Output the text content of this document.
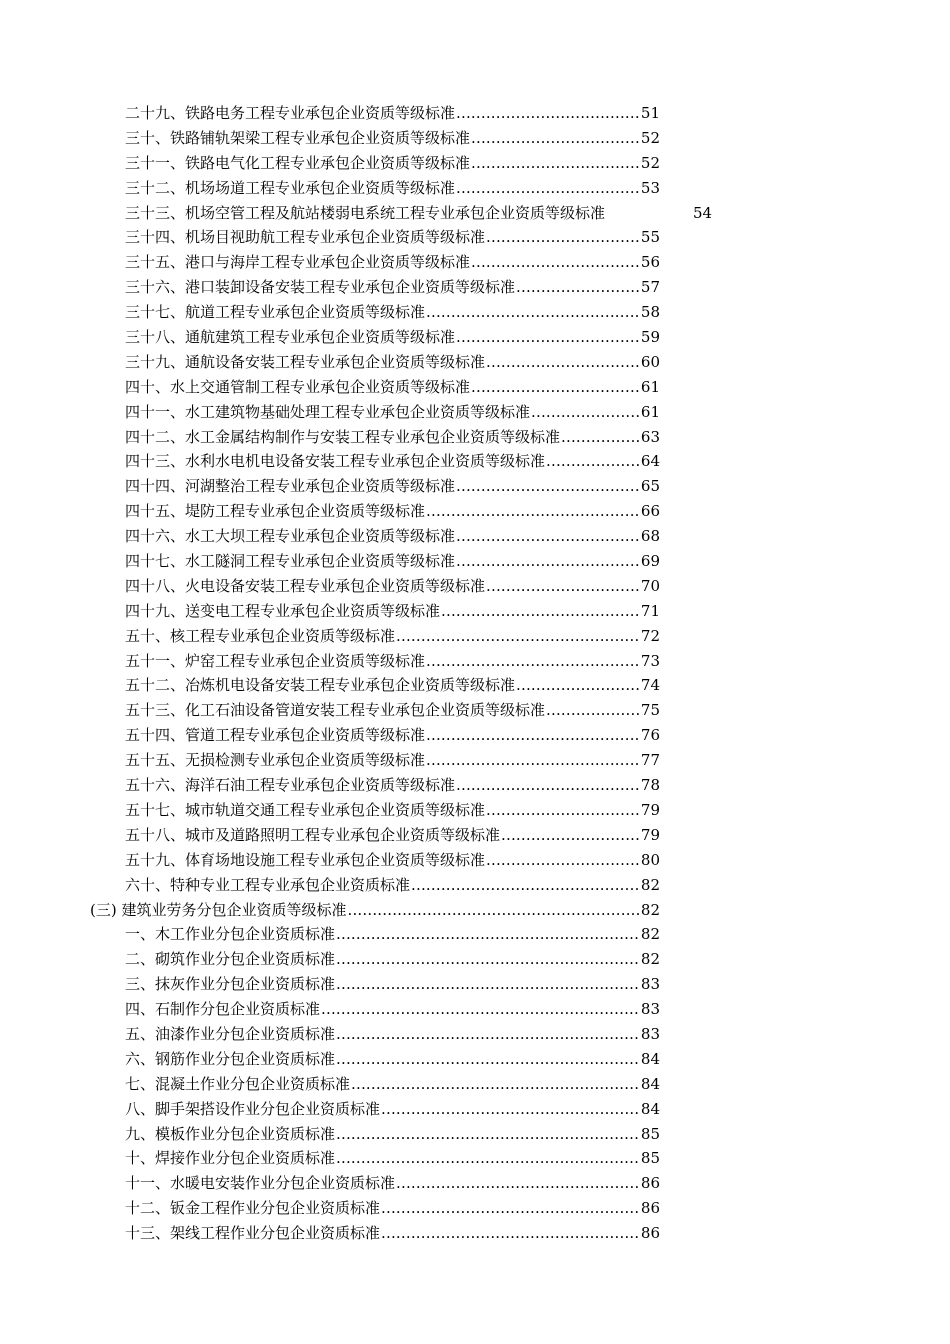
二十九、铁路电务工程专业承包企业资质等级标准 .....	51
三十、铁路铺轨架梁工程专业承包企业资质等级标准 .....	52
三十一、铁路电气化工程专业承包企业资质等级标准 .....	52
三十二、机场场道工程专业承包企业资质等级标准 .....	53
三十三、机场空管工程及航站楼弱电系统工程专业承包企业资质等级标准	54
三十四、机场目视助航工程专业承包企业资质等级标准 .....	55
三十五、港口与海岸工程专业承包企业资质等级标准 .....	56
三十六、港口装卸设备安装工程专业承包企业资质等级标准 .....	57
三十七、航道工程专业承包企业资质等级标准 .....	58
三十八、通航建筑工程专业承包企业资质等级标准 .....	59
三十九、通航设备安装工程专业承包企业资质等级标准 .....	60
四十、水上交通管制工程专业承包企业资质等级标准 .....	61
四十一、水工建筑物基础处理工程专业承包企业资质等级标准 .....	61
四十二、水工金属结构制作与安装工程专业承包企业资质等级标准 .....	63
四十三、水利水电机电设备安装工程专业承包企业资质等级标准 .....	64
四十四、河湖整治工程专业承包企业资质等级标准 .....	65
四十五、堤防工程专业承包企业资质等级标准 .....	66
四十六、水工大坝工程专业承包企业资质等级标准 .....	68
四十七、水工隧洞工程专业承包企业资质等级标准 .....	69
四十八、火电设备安装工程专业承包企业资质等级标准 .....	70
四十九、送变电工程专业承包企业资质等级标准 .....	71
五十、核工程专业承包企业资质等级标准 .....	72
五十一、炉窑工程专业承包企业资质等级标准 .....	73
五十二、冶炼机电设备安装工程专业承包企业资质等级标准 .....	74
五十三、化工石油设备管道安装工程专业承包企业资质等级标准 .....	75
五十四、管道工程专业承包企业资质等级标准 .....	76
五十五、无损检测专业承包企业资质等级标准 .....	77
五十六、海洋石油工程专业承包企业资质等级标准 .....	78
五十七、城市轨道交通工程专业承包企业资质等级标准 .....	79
五十八、城市及道路照明工程专业承包企业资质等级标准 .....	79
五十九、体育场地设施工程专业承包企业资质等级标准 .....	80
六十、特种专业工程专业承包企业资质标准 .....	82
(三) 建筑业劳务分包企业资质等级标准 .....	82
一、木工作业分包企业资质标准 .....	82
二、砌筑作业分包企业资质标准 .....	82
三、抹灰作业分包企业资质标准 .....	83
四、石制作分包企业资质标准 .....	83
五、油漆作业分包企业资质标准 .....	83
六、钢筋作业分包企业资质标准 .....	84
七、混凝土作业分包企业资质标准 .....	84
八、脚手架搭设作业分包企业资质标准 .....	84
九、模板作业分包企业资质标准 .....	85
十、焊接作业分包企业资质标准 .....	85
十一、水暖电安装作业分包企业资质标准 .....	86
十二、钣金工程作业分包企业资质标准 .....	86
十三、架线工程作业分包企业资质标准 .....	86
